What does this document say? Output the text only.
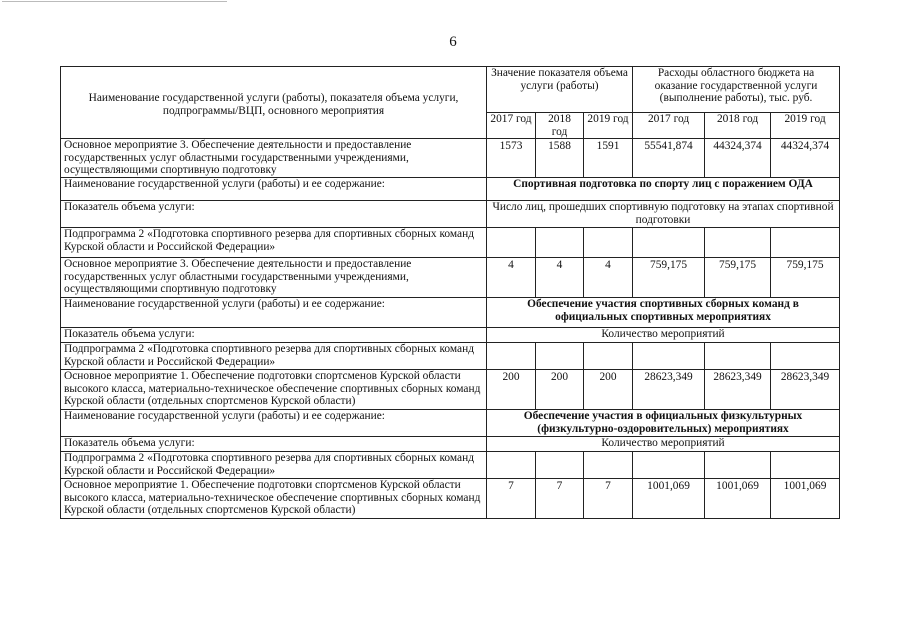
6
Наименование государственной услуги (работы), показателя объема услуги, подпрограммы/ВЦП, основного мероприятия	Значение показателя объема услуги (работы)			Расходы областного бюджета на оказание государственной услуги (выполнение работы), тыс. руб.		
	2017 год	2018 год	2019 год	2017 год	2018 год	2019 год
Основное мероприятие 3. Обеспечение деятельности и предоставление государственных услуг областными государственными учреждениями, осуществляющими спортивную подготовку	1573	1588	1591	55541,874	44324,374	44324,374
Наименование государственной услуги (работы) и ее содержание:	Спортивная подготовка по спорту лиц с поражением ОДА					
Показатель объема услуги:	Число лиц, прошедших спортивную подготовку на этапах спортивной подготовки					
Подпрограмма 2 «Подготовка спортивного резерва для спортивных сборных команд Курской области и Российской Федерации»						
Основное мероприятие 3. Обеспечение деятельности и предоставление государственных услуг областными государственными учреждениями, осуществляющими спортивную подготовку	4	4	4	759,175	759,175	759,175
Наименование государственной услуги (работы) и ее содержание:	Обеспечение участия спортивных сборных команд в официальных спортивных мероприятиях					
Показатель объема услуги:	Количество мероприятий					
Подпрограмма 2 «Подготовка спортивного резерва для спортивных сборных команд Курской области и Российской Федерации»						
Основное мероприятие 1. Обеспечение подготовки спортсменов Курской области высокого класса, материально-техническое обеспечение спортивных сборных команд Курской области (отдельных спортсменов Курской области)	200	200	200	28623,349	28623,349	28623,349
Наименование государственной услуги (работы) и ее содержание:	Обеспечение участия в официальных физкультурных (физкультурно-оздоровительных) мероприятиях					
Показатель объема услуги:	Количество мероприятий					
Подпрограмма 2 «Подготовка спортивного резерва для спортивных сборных команд Курской области и Российской Федерации»						
Основное мероприятие 1. Обеспечение подготовки спортсменов Курской области высокого класса, материально-техническое обеспечение спортивных сборных команд Курской области (отдельных спортсменов Курской области)	7	7	7	1001,069	1001,069	1001,069
